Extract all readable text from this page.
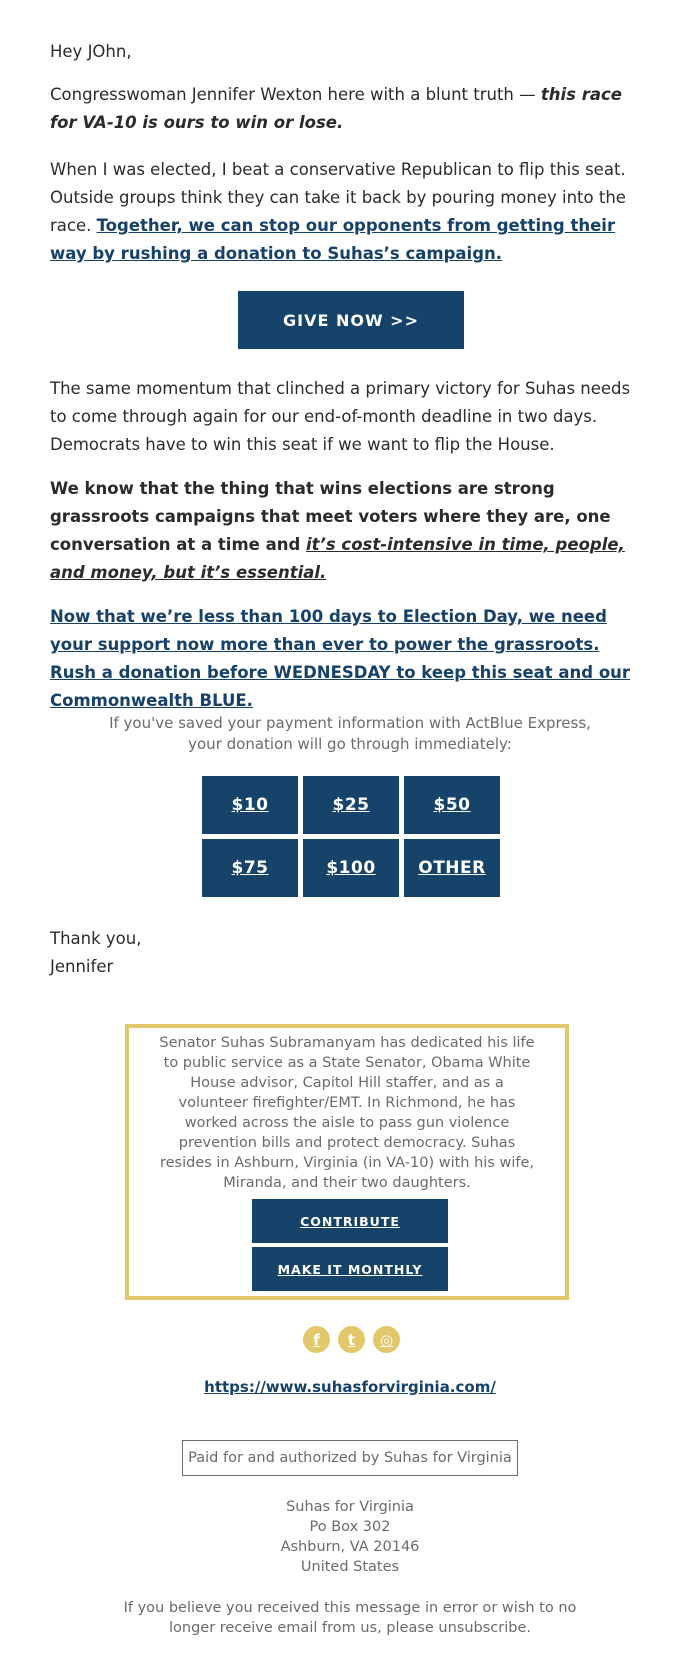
Hey JOhn,

Congresswoman Jennifer Wexton here with a blunt truth — this race for VA-10 is ours to win or lose.

When I was elected, I beat a conservative Republican to flip this seat. Outside groups think they can take it back by pouring money into the race. Together, we can stop our opponents from getting their way by rushing a donation to Suhas’s campaign.

GIVE NOW >>

The same momentum that clinched a primary victory for Suhas needs to come through again for our end-of-month deadline in two days. Democrats have to win this seat if we want to flip the House.

We know that the thing that wins elections are strong grassroots campaigns that meet voters where they are, one conversation at a time and it’s cost-intensive in time, people, and money, but it’s essential.

Now that we’re less than 100 days to Election Day, we need your support now more than ever to power the grassroots. Rush a donation before WEDNESDAY to keep this seat and our Commonwealth BLUE.

If you've saved your payment information with ActBlue Express, your donation will go through immediately:
$10	$25	$50
$75	$100	OTHER
Thank you,
Jennifer
Senator Suhas Subramanyam has dedicated his life to public service as a State Senator, Obama White House advisor, Capitol Hill staffer, and as a volunteer firefighter/EMT. In Richmond, he has worked across the aisle to pass gun violence prevention bills and protect democracy. Suhas resides in Ashburn, Virginia (in VA-10) with his wife, Miranda, and their two daughters.
CONTRIBUTE
MAKE IT MONTHLY
f	t	◎
https://www.suhasforvirginia.com/
Paid for and authorized by Suhas for Virginia
Suhas for Virginia
Po Box 302
Ashburn, VA 20146
United States
If you believe you received this message in error or wish to no longer receive email from us, please unsubscribe.
